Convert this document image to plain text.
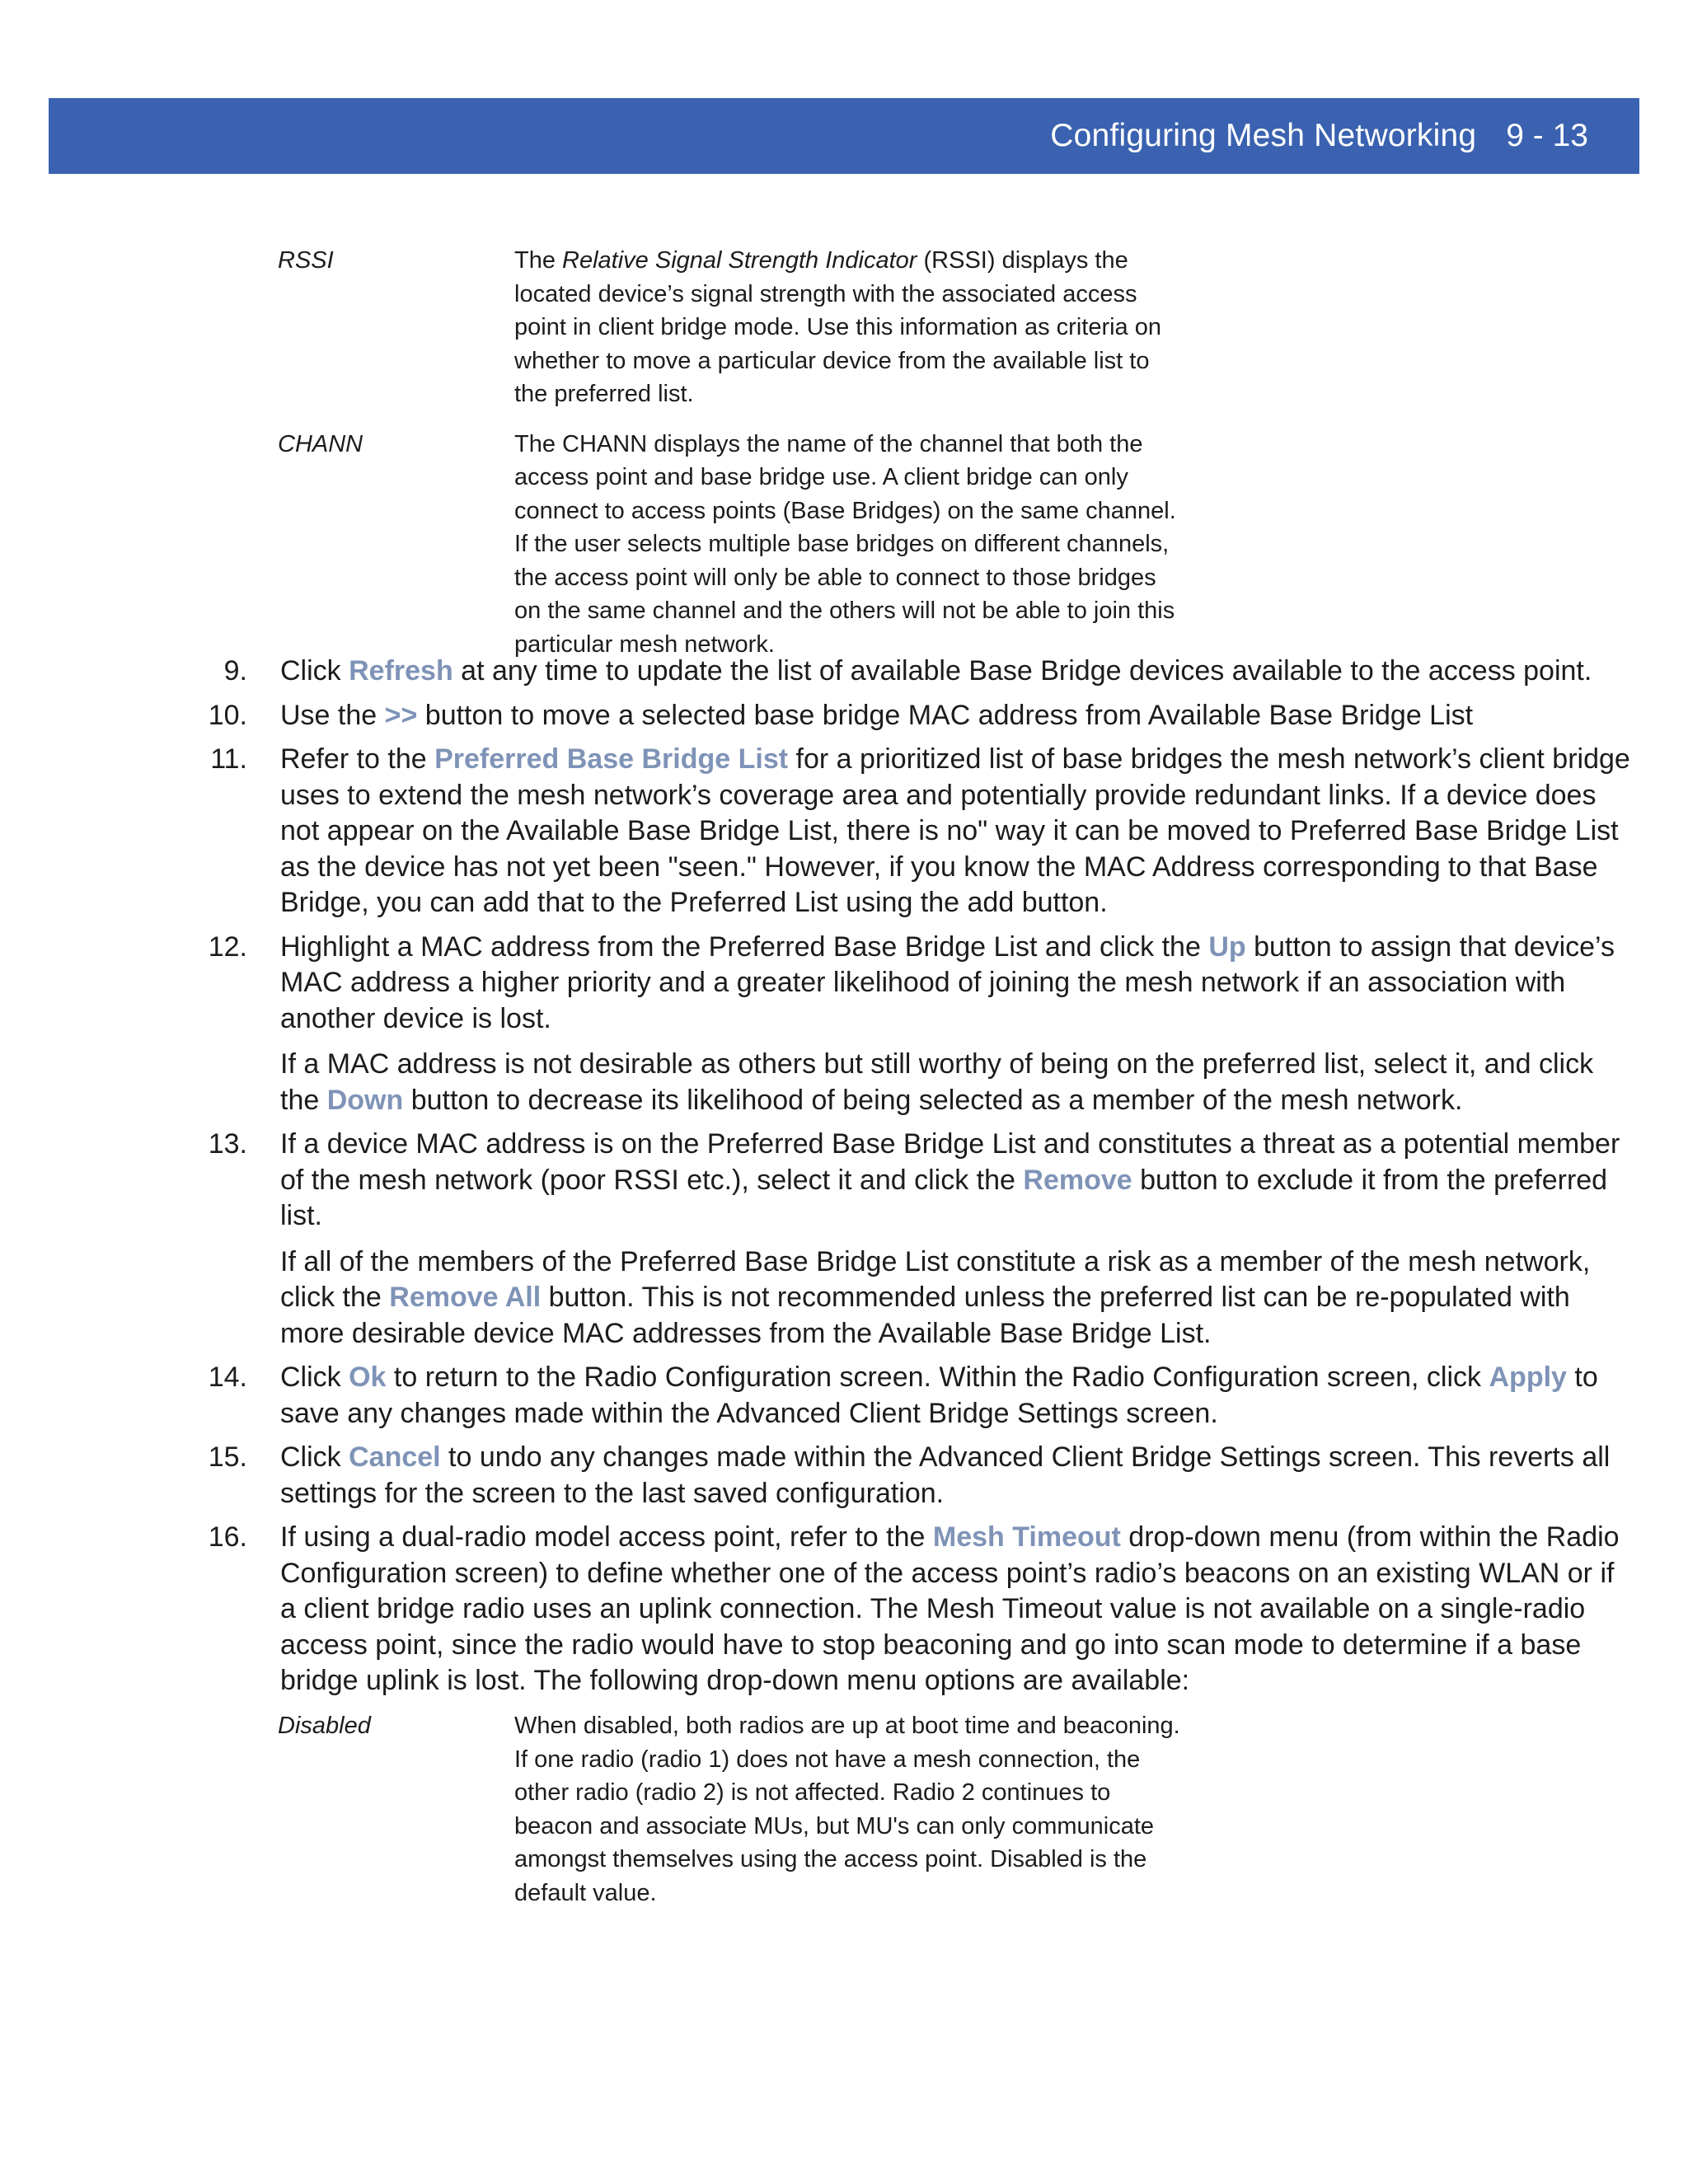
Configuring Mesh Networking 9 - 13
RSSI	The Relative Signal Strength Indicator (RSSI) displays the located device’s signal strength with the associated access point in client bridge mode. Use this information as criteria on whether to move a particular device from the available list to the preferred list.
CHANN	The CHANN displays the name of the channel that both the access point and base bridge use. A client bridge can only connect to access points (Base Bridges) on the same channel. If the user selects multiple base bridges on different channels, the access point will only be able to connect to those bridges on the same channel and the others will not be able to join this particular mesh network.
9. Click Refresh at any time to update the list of available Base Bridge devices available to the access point.

10. Use the >> button to move a selected base bridge MAC address from Available Base Bridge List

11. Refer to the Preferred Base Bridge List for a prioritized list of base bridges the mesh network’s client bridge uses to extend the mesh network’s coverage area and potentially provide redundant links. If a device does not appear on the Available Base Bridge List, there is no" way it can be moved to Preferred Base Bridge List as the device has not yet been "seen." However, if you know the MAC Address corresponding to that Base Bridge, you can add that to the Preferred List using the add button.

12. Highlight a MAC address from the Preferred Base Bridge List and click the Up button to assign that device’s MAC address a higher priority and a greater likelihood of joining the mesh network if an association with another device is lost.

If a MAC address is not desirable as others but still worthy of being on the preferred list, select it, and click the Down button to decrease its likelihood of being selected as a member of the mesh network.

13. If a device MAC address is on the Preferred Base Bridge List and constitutes a threat as a potential member of the mesh network (poor RSSI etc.), select it and click the Remove button to exclude it from the preferred list.

If all of the members of the Preferred Base Bridge List constitute a risk as a member of the mesh network, click the Remove All button. This is not recommended unless the preferred list can be re-populated with more desirable device MAC addresses from the Available Base Bridge List.

14. Click Ok to return to the Radio Configuration screen. Within the Radio Configuration screen, click Apply to save any changes made within the Advanced Client Bridge Settings screen.

15. Click Cancel to undo any changes made within the Advanced Client Bridge Settings screen. This reverts all settings for the screen to the last saved configuration.

16. If using a dual-radio model access point, refer to the Mesh Timeout drop-down menu (from within the Radio Configuration screen) to define whether one of the access point’s radio’s beacons on an existing WLAN or if a client bridge radio uses an uplink connection. The Mesh Timeout value is not available on a single-radio access point, since the radio would have to stop beaconing and go into scan mode to determine if a base bridge uplink is lost. The following drop-down menu options are available:

Disabled	When disabled, both radios are up at boot time and beaconing. If one radio (radio 1) does not have a mesh connection, the other radio (radio 2) is not affected. Radio 2 continues to beacon and associate MUs, but MU's can only communicate amongst themselves using the access point. Disabled is the default value.
